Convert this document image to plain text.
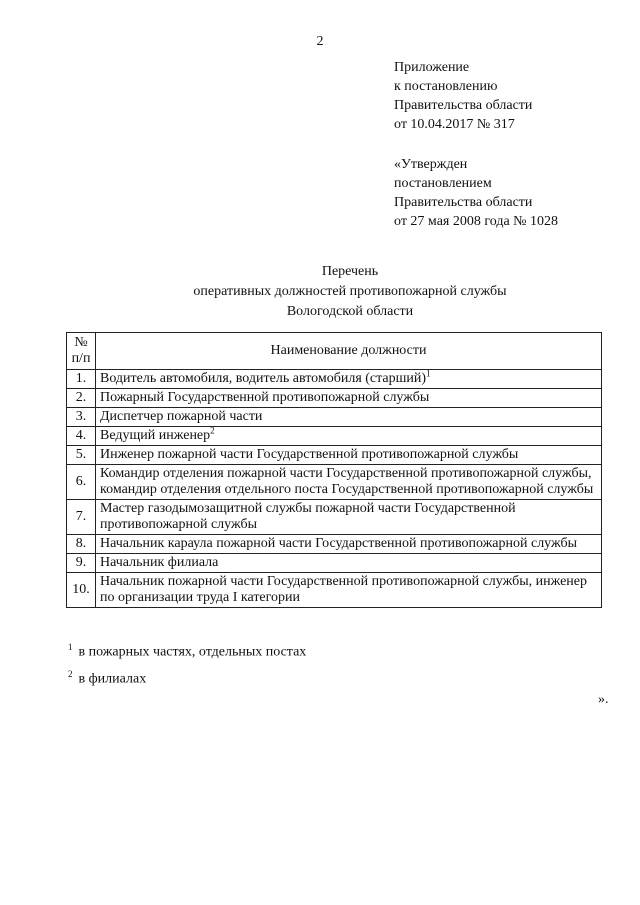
2
Приложение
к постановлению
Правительства области
от 10.04.2017 № 317
«Утвержден
постановлением
Правительства области
от 27 мая 2008 года № 1028
Перечень
оперативных должностей противопожарной службы
Вологодской области
№ п/п	Наименование должности
1.	Водитель автомобиля, водитель автомобиля (старший)$^1$
2.	Пожарный Государственной противопожарной службы
3.	Диспетчер пожарной части
4.	Ведущий инженер$^2$
5.	Инженер пожарной части Государственной противопожарной службы
6.	Командир отделения пожарной части Государственной противопожарной службы, командир отделения отдельного поста Государственной противопожарной службы
7.	Мастер газодымозащитной службы пожарной части Государственной противопожарной службы
8.	Начальник караула пожарной части Государственной противопожарной службы
9.	Начальник филиала
10.	Начальник пожарной части Государственной противопожарной службы, инженер по организации труда I категории
$^1$ в пожарных частях, отдельных постах
$^2$ в филиалах
».
